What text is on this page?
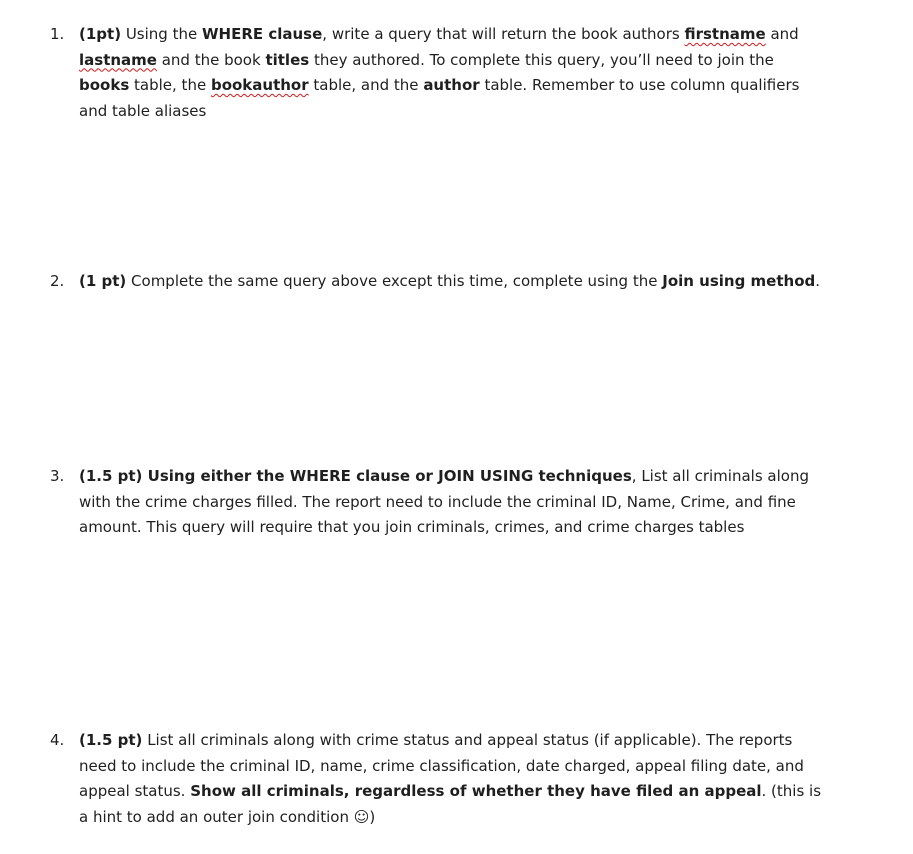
1. (1pt) Using the WHERE clause, write a query that will return the book authors firstname and lastname and the book titles they authored. To complete this query, you’ll need to join the books table, the bookauthor table, and the author table. Remember to use column qualifiers and table aliases

2. (1 pt) Complete the same query above except this time, complete using the Join using method.

3. (1.5 pt) Using either the WHERE clause or JOIN USING techniques, List all criminals along with the crime charges filled. The report need to include the criminal ID, Name, Crime, and fine amount. This query will require that you join criminals, crimes, and crime charges tables

4. (1.5 pt) List all criminals along with crime status and appeal status (if applicable). The reports need to include the criminal ID, name, crime classification, date charged, appeal filing date, and appeal status. Show all criminals, regardless of whether they have filed an appeal. (this is a hint to add an outer join condition ☺)
